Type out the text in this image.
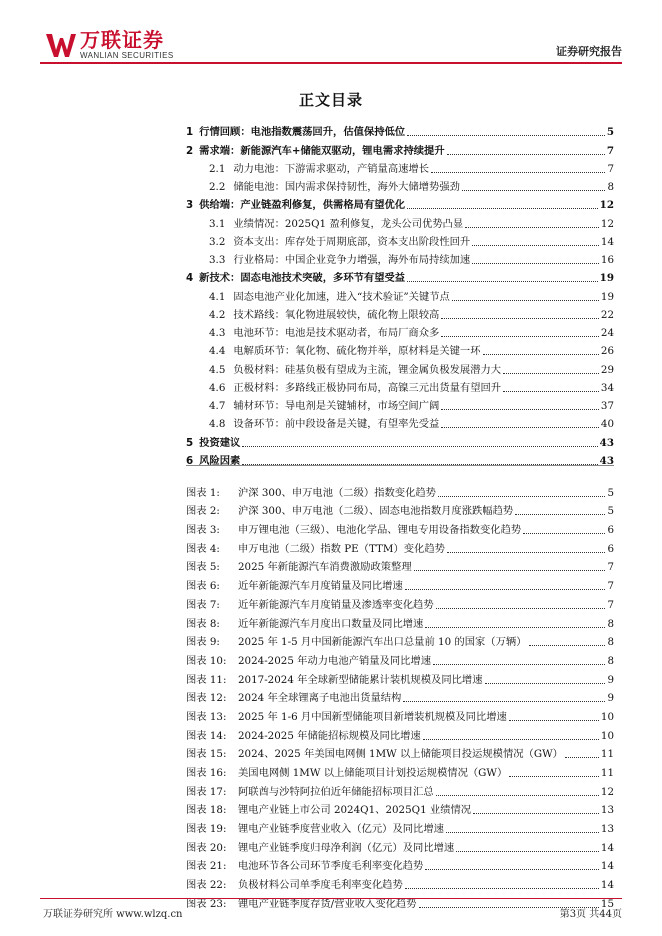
万联证券
WANLIAN SECURITIES	证券研究报告
正文目录
1 行情回顾：电池指数震荡回升，估值保持低位	5
2 需求端：新能源汽车+储能双驱动，锂电需求持续提升	7
2.1 动力电池：下游需求驱动，产销量高速增长	7
2.2 储能电池：国内需求保持韧性，海外大储增势强劲	8
3 供给端：产业链盈利修复，供需格局有望优化	12
3.1 业绩情况：2025Q1 盈利修复，龙头公司优势凸显	12
3.2 资本支出：库存处于周期底部，资本支出阶段性回升	14
3.3 行业格局：中国企业竞争力增强，海外布局持续加速	16
4 新技术：固态电池技术突破，多环节有望受益	19
4.1 固态电池产业化加速，进入“技术验证”关键节点	19
4.2 技术路线：氧化物进展较快，硫化物上限较高	22
4.3 电池环节：电池是技术驱动者，布局厂商众多	24
4.4 电解质环节：氧化物、硫化物并举，原材料是关键一环	26
4.5 负极材料：硅基负极有望成为主流，锂金属负极发展潜力大	29
4.6 正极材料：多路线正极协同布局，高镍三元出货量有望回升	34
4.7 辅材环节：导电剂是关键辅材，市场空间广阔	37
4.8 设备环节：前中段设备是关键，有望率先受益	40
5 投资建议	43
6 风险因素	43
图表 1:	沪深 300、申万电池（二级）指数变化趋势	5
图表 2:	沪深 300、申万电池（二级）、固态电池指数月度涨跌幅趋势	5
图表 3:	申万锂电池（三级）、电池化学品、锂电专用设备指数变化趋势	6
图表 4:	申万电池（二级）指数 PE（TTM）变化趋势	6
图表 5:	2025 年新能源汽车消费激励政策整理	7
图表 6:	近年新能源汽车月度销量及同比增速	7
图表 7:	近年新能源汽车月度销量及渗透率变化趋势	7
图表 8:	近年新能源汽车月度出口数量及同比增速	8
图表 9:	2025 年 1-5 月中国新能源汽车出口总量前 10 的国家（万辆）	8
图表 10:	2024-2025 年动力电池产销量及同比增速	8
图表 11:	2017-2024 年全球新型储能累计装机规模及同比增速	9
图表 12:	2024 年全球锂离子电池出货量结构	9
图表 13:	2025 年 1-6 月中国新型储能项目新增装机规模及同比增速	10
图表 14:	2024-2025 年储能招标规模及同比增速	10
图表 15:	2024、2025 年美国电网侧 1MW 以上储能项目投运规模情况（GW）	11
图表 16:	美国电网侧 1MW 以上储能项目计划投运规模情况（GW）	11
图表 17:	阿联酋与沙特阿拉伯近年储能招标项目汇总	12
图表 18:	锂电产业链上市公司 2024Q1、2025Q1 业绩情况	13
图表 19:	锂电产业链季度营业收入（亿元）及同比增速	13
图表 20:	锂电产业链季度归母净利润（亿元）及同比增速	14
图表 21:	电池环节各公司环节季度毛利率变化趋势	14
图表 22:	负极材料公司单季度毛利率变化趋势	14
图表 23:	锂电产业链季度存货/营业收入变化趋势	15
万联证券研究所 www.wlzq.cn	第3页 共44页
